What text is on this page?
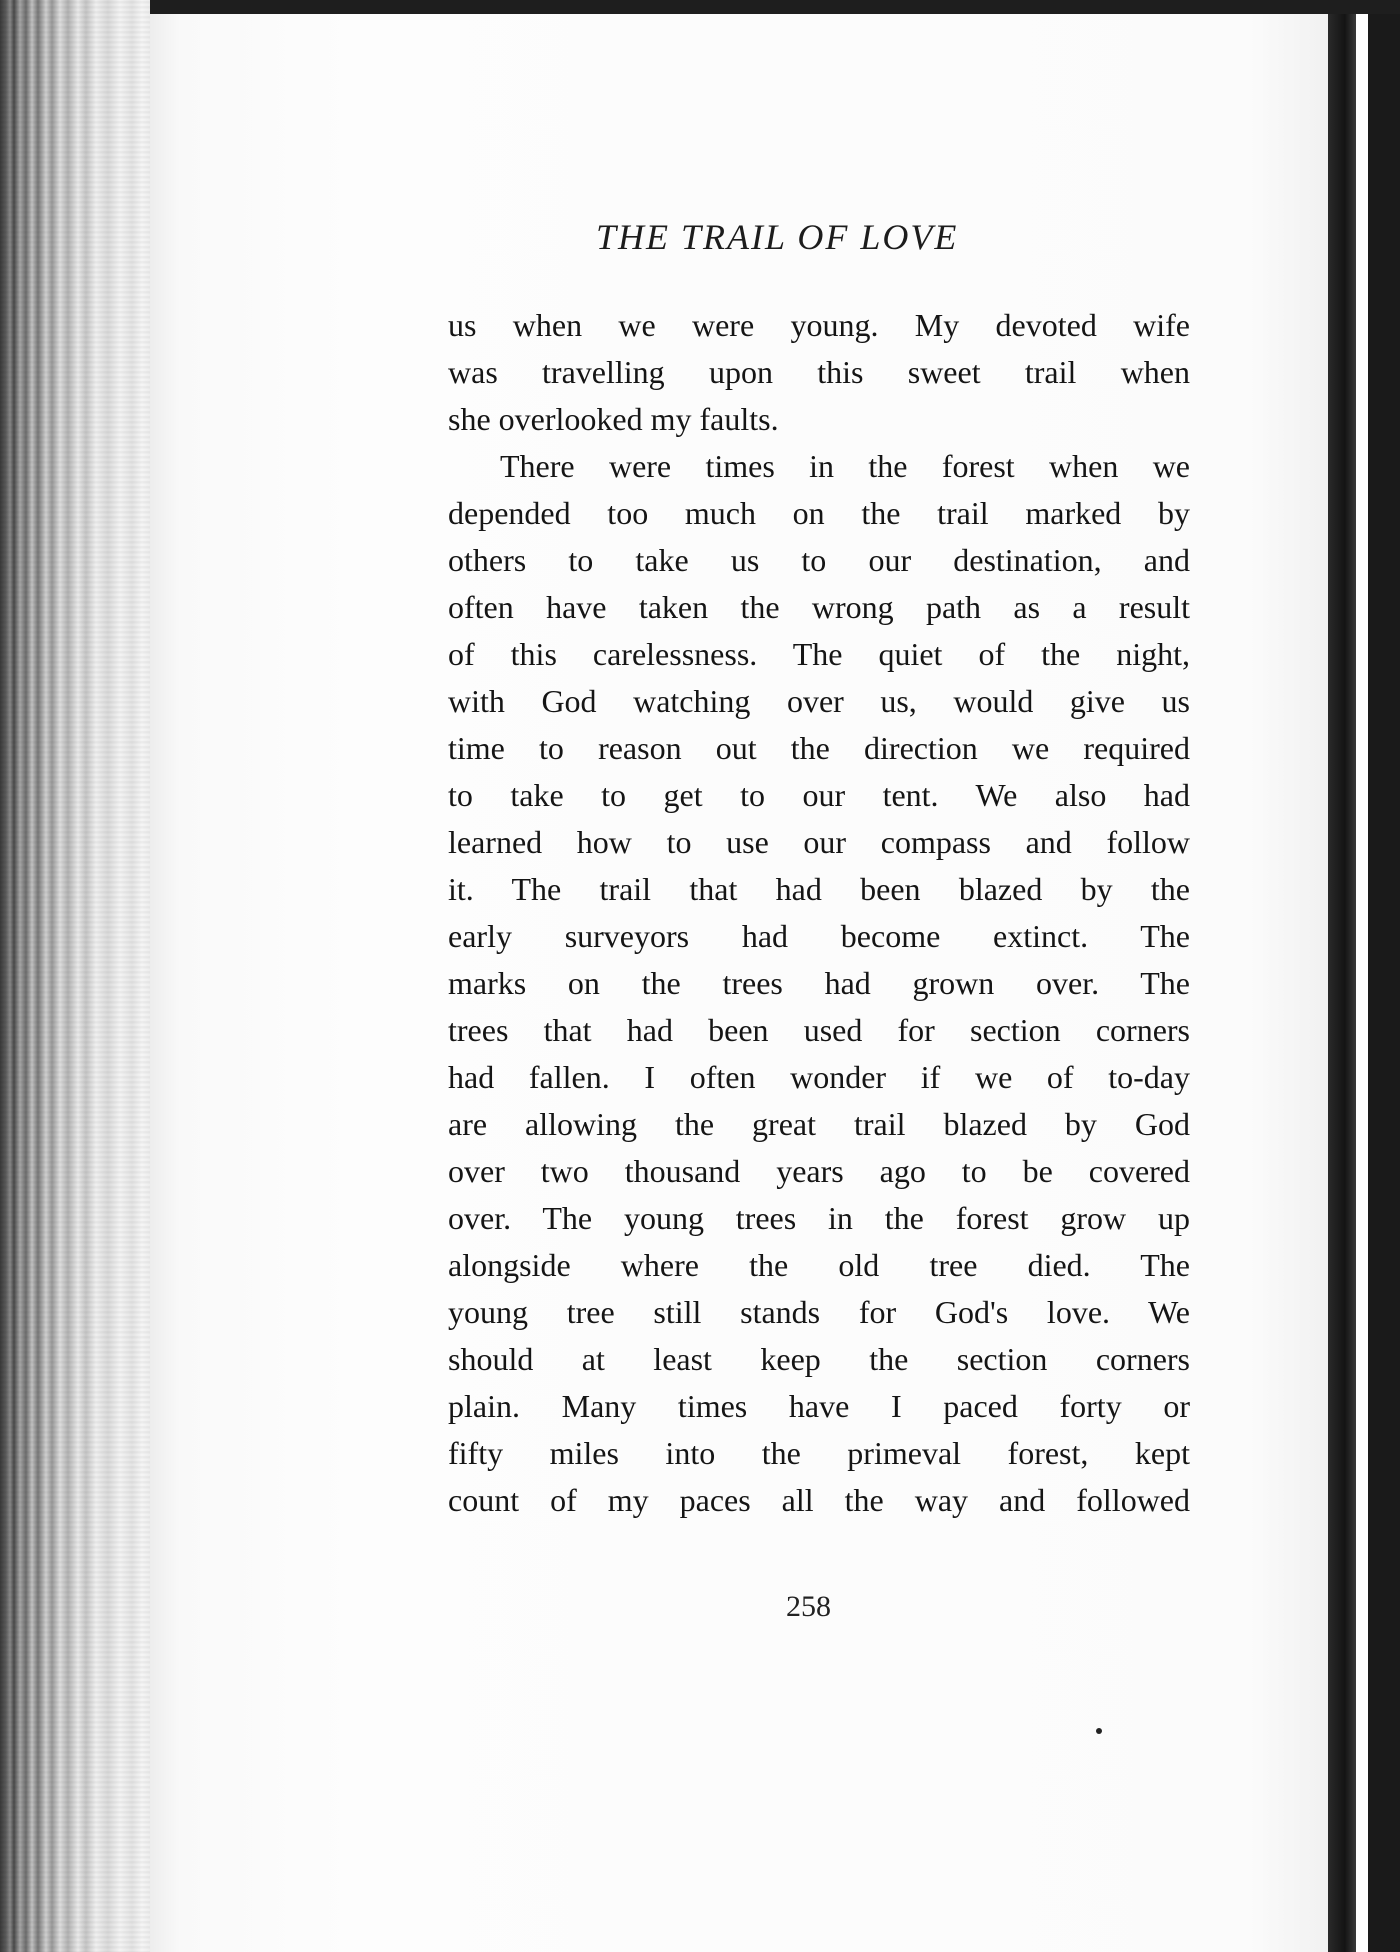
THE TRAIL OF LOVE

us when we were young. My devoted wife
was travelling upon this sweet trail when
she overlooked my faults.

There were times in the forest when we
depended too much on the trail marked by
others to take us to our destination, and
often have taken the wrong path as a result
of this carelessness. The quiet of the night,
with God watching over us, would give us
time to reason out the direction we required
to take to get to our tent. We also had
learned how to use our compass and follow
it. The trail that had been blazed by the
early surveyors had become extinct. The
marks on the trees had grown over. The
trees that had been used for section corners
had fallen. I often wonder if we of to-day
are allowing the great trail blazed by God
over two thousand years ago to be covered
over. The young trees in the forest grow up
alongside where the old tree died. The
young tree still stands for God's love. We
should at least keep the section corners
plain. Many times have I paced forty or
fifty miles into the primeval forest, kept
count of my paces all the way and followed

258
